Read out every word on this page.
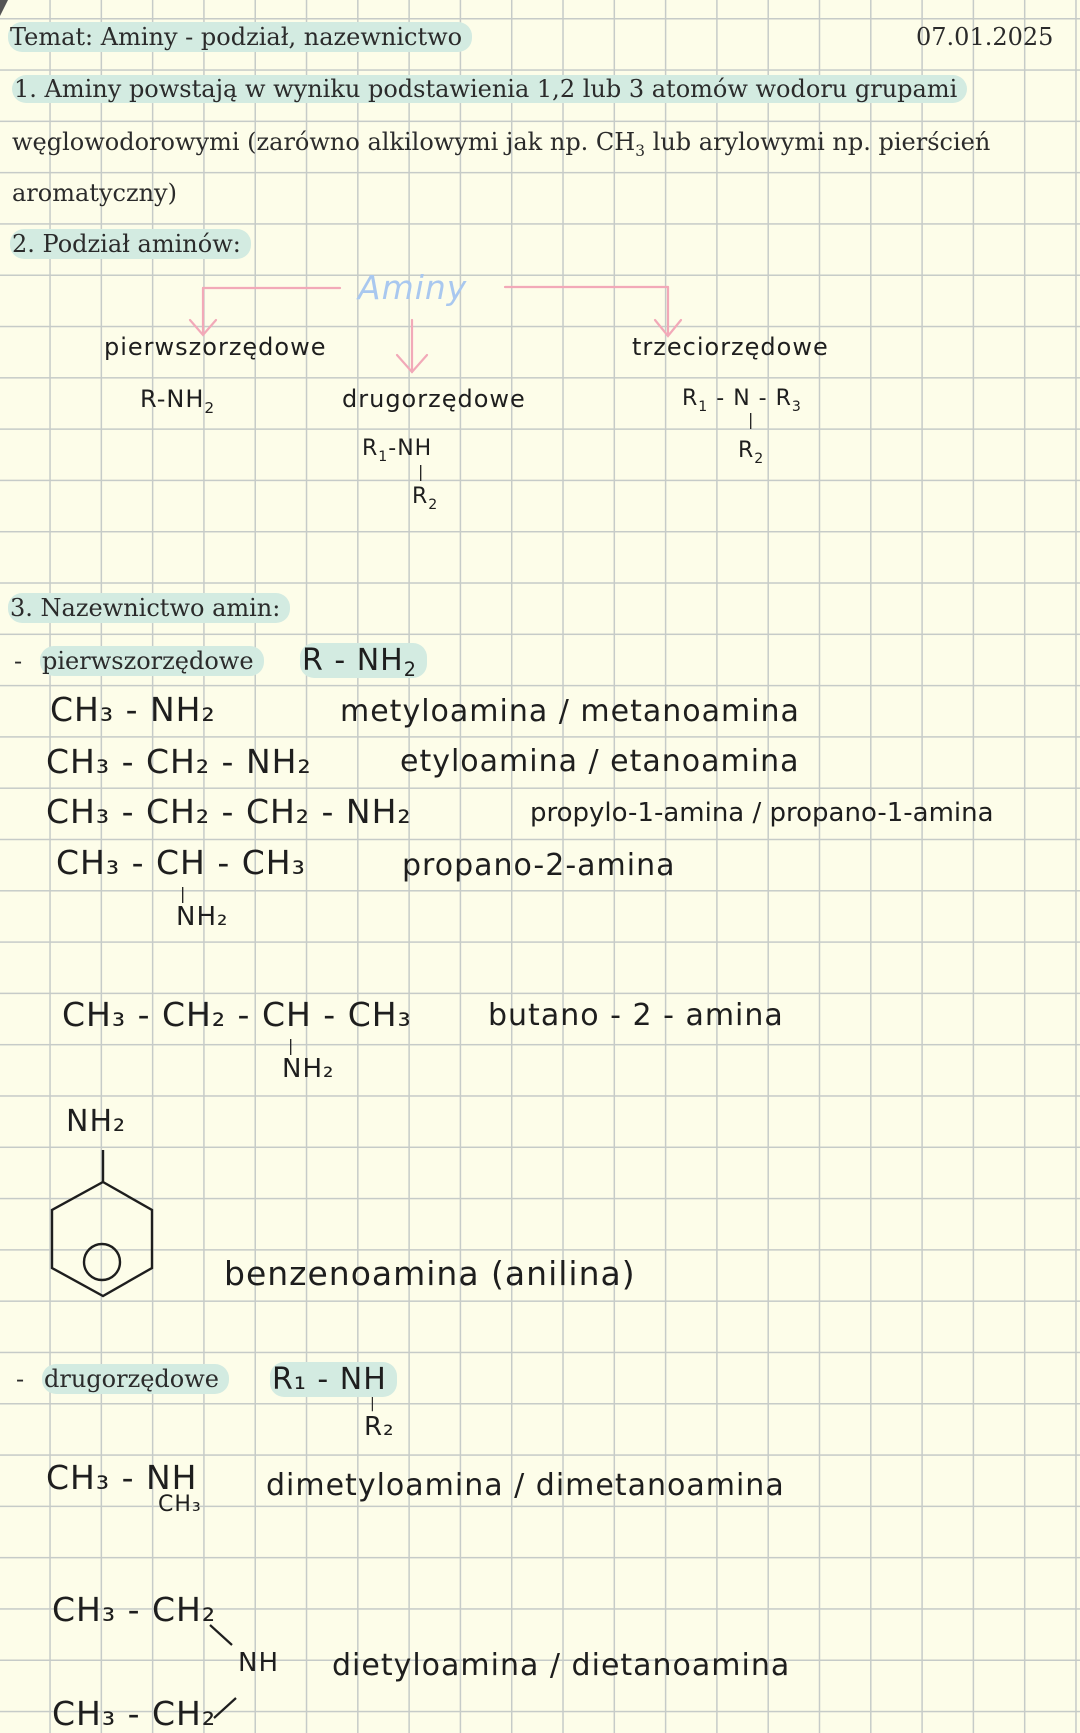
Temat: Aminy - podział, nazewnictwo	07.01.2025
1. Aminy powstają w wyniku podstawienia 1,2 lub 3 atomów wodoru grupami
węglowodorowymi (zarówno alkilowymi jak np. $CH_3$ lub arylowymi np. pierścień
aromatyczny)
2. Podział aminów:
Aminy
pierwszorzędowe
$R-NH_2$	drugorzędowe
$R_1-NH$
|
$R_2$
trzeciorzędowe
$R_1$ - N - $R_3$
|
$R_2$
3. Nazewnictwo amin:
- pierwszorzędowe	R - $NH_2$
CH₃ - NH₂	metyloamina / metanoamina
CH₃ - CH₂ - NH₂	etyloamina / etanoamina
CH₃ - CH₂ - CH₂ - NH₂	propylo-1-amina / propano-1-amina
CH₃ - CH - CH₃
|
NH₂
propano-2-amina
CH₃ - CH₂ - CH - CH₃
|
NH₂
butano - 2 - amina
NH₂
benzenoamina (anilina)
- drugorzędowe	R₁ - NH
|
R₂
CH₃ - NH
CH₃
dimetyloamina / dimetanoamina
CH₃ - CH₂
NH
CH₃ - CH₂
dietyloamina / dietanoamina
